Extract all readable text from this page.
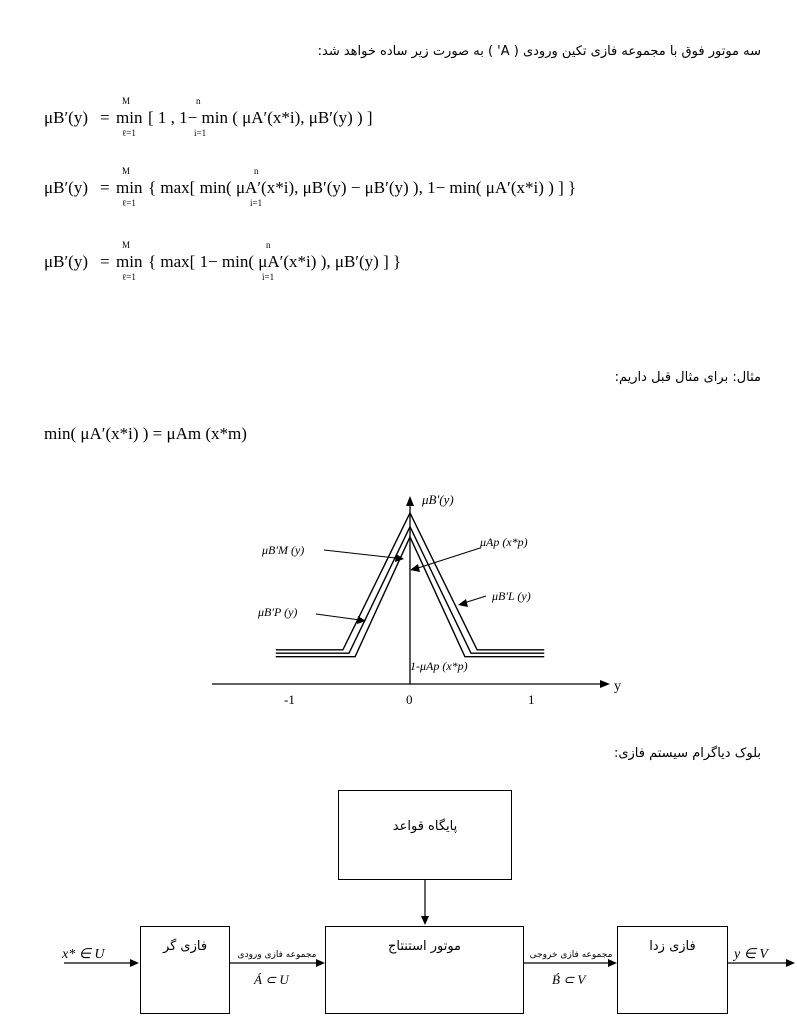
سه موتور فوق با مجموعه فازی تکین ورودی ( A' ) به صورت زیر ساده خواهد شد:
μB′(y) = min
M
ℓ=1
[ 1 , 1− min ( μA′(x*i), μB′(y) ) ]
n
i=1
μB′(y) = min
M
ℓ=1
{ max[ min( μA′(x*i), μB′(y) − μB′(y) ), 1− min( μA′(x*i) ) ] }
n
i=1
μB′(y) = min
M
ℓ=1
{ max[ 1− min( μA′(x*i) ), μB′(y) ] }
n
i=1
مثال: برای مثال قبل داریم:
min( μA′(x*i) ) = μAm (x*m)
μB′(y)
y
-1	0	1
μB′M (y)
μAp (x*p)
μB′L (y)
μB′P (y)
1-μAp (x*p)
بلوک دیاگرام سیستم فازی:
پایگاه قواعد
فازی گر	موتور استنتاج	فازی زدا
x* ∈ U	مجموعه فازی ورودی
Á ⊂ U
مجموعه فازی خروجی
B́ ⊂ V
y ∈ V
